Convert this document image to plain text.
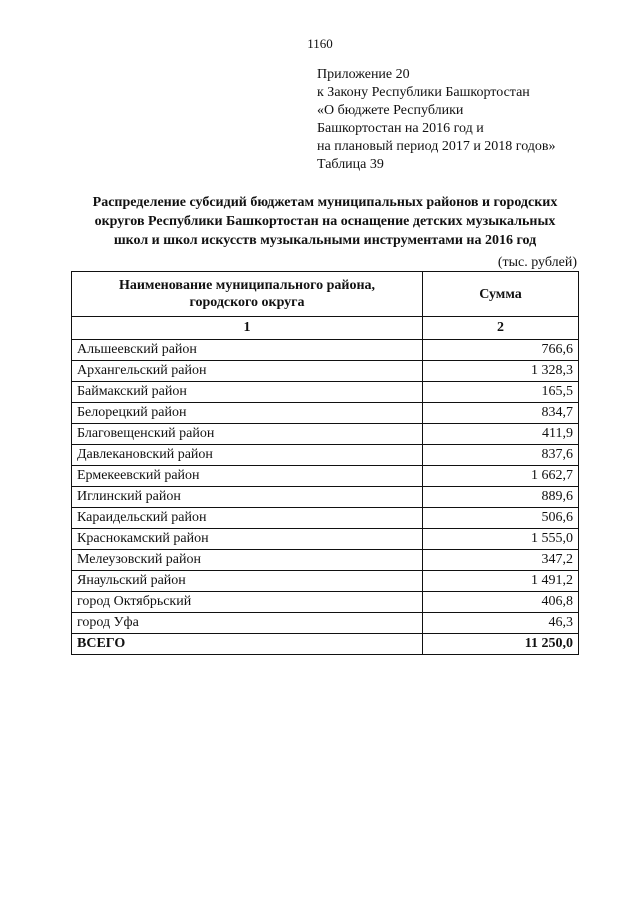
1160
Приложение 20
к Закону Республики Башкортостан
«О бюджете Республики
Башкортостан на 2016 год и
на плановый период 2017 и 2018 годов»
Таблица 39
Распределение субсидий бюджетам муниципальных районов и городских
округов Республики Башкортостан на оснащение детских музыкальных
школ и школ искусств музыкальными инструментами на 2016 год
(тыс. рублей)
Наименование муниципального района,
городского округа	Сумма
1	2
Альшеевский район	766,6
Архангельский район	1 328,3
Баймакский район	165,5
Белорецкий район	834,7
Благовещенский район	411,9
Давлекановский район	837,6
Ермекеевский район	1 662,7
Иглинский район	889,6
Караидельский район	506,6
Краснокамский район	1 555,0
Мелеузовский район	347,2
Янаульский район	1 491,2
город Октябрьский	406,8
город Уфа	46,3
ВСЕГО	11 250,0
